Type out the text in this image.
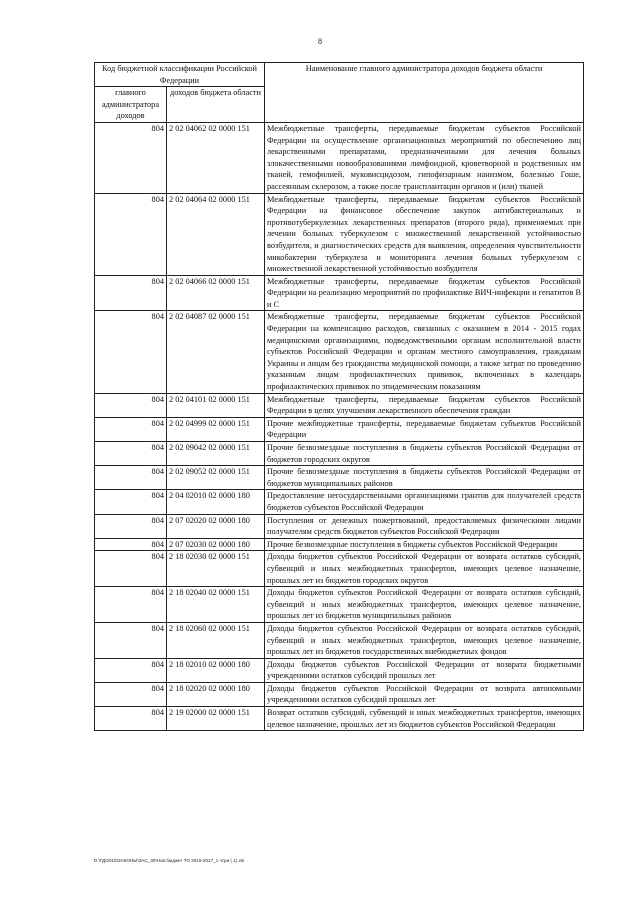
8
Код бюджетной классификации Российской Федерации		Наименование главного администратора доходов бюджета области
главного администратора доходов	доходов бюджета области	
804	2 02 04062 02 0000 151	Межбюджетные трансферты, передаваемые бюджетам субъектов Российской Федерации на осуществление организационных мероприятий по обеспечению лиц лекарственными препаратами, предназначенными для лечения больных злокачественными новообразованиями лимфоидной, кроветворной и родственных им тканей, гемофилией, муковисцидозом, гипофизарным нанизмом, болезнью Гоше, рассеянным склерозом, а также после трансплантации органов и (или) тканей
804	2 02 04064 02 0000 151	Межбюджетные трансферты, передаваемые бюджетам субъектов Российской Федерации на финансовое обеспечение закупок антибактериальных и противотуберкулезных лекарственных препаратов (второго ряда), применяемых при лечении больных туберкулезом с множественной лекарственной устойчивостью возбудителя, и диагностических средств для выявления, определения чувствительности микобактерии туберкулеза и мониторинга лечения больных туберкулезом с множественной лекарственной устойчивостью возбудителя
804	2 02 04066 02 0000 151	Межбюджетные трансферты, передаваемые бюджетам субъектов Российской Федерации на реализацию мероприятий по профилактике ВИЧ-инфекции и гепатитов В и С
804	2 02 04087 02 0000 151	Межбюджетные трансферты, передаваемые бюджетам субъектов Российской Федерации на компенсацию расходов, связанных с оказанием в 2014 - 2015 годах медицинскими организациями, подведомственными органам исполнительной власти субъектов Российской Федерации и органам местного самоуправления, гражданам Украины и лицам без гражданства медицинской помощи, а также затрат по проведению указанным лицам профилактических прививок, включенных в календарь профилактических прививок по эпидемическим показаниям
804	2 02 04101 02 0000 151	Межбюджетные трансферты, передаваемые бюджетам субъектов Российской Федерации в целях улучшения лекарственного обеспечения граждан
804	2 02 04999 02 0000 151	Прочие межбюджетные трансферты, передаваемые бюджетам субъектов Российской Федерации
804	2 02 09042 02 0000 151	Прочие безвозмездные поступления в бюджеты субъектов Российской Федерации от бюджетов городских округов
804	2 02 09052 02 0000 151	Прочие безвозмездные поступления в бюджеты субъектов Российской Федерации от бюджетов муниципальных районов
804	2 04 02010 02 0000 180	Предоставление негосударственными организациями грантов для получателей средств бюджетов субъектов Российской Федерации
804	2 07 02020 02 0000 180	Поступления от денежных пожертвований, предоставляемых физическими лицами получателям средств бюджетов субъектов Российской Федерации
804	2 07 02030 02 0000 180	Прочие безвозмездные поступления в бюджеты субъектов Российской Федерации
804	2 18 02030 02 0000 151	Доходы бюджетов субъектов Российской Федерации от возврата остатков субсидий, субвенций и иных межбюджетных трансфертов, имеющих целевое назначение, прошлых лет из бюджетов городских округов
804	2 18 02040 02 0000 151	Доходы бюджетов субъектов Российской Федерации от возврата остатков субсидий, субвенций и иных межбюджетных трансфертов, имеющих целевое назначение, прошлых лет из бюджетов муниципальных районов
804	2 18 02060 02 0000 151	Доходы бюджетов субъектов Российской Федерации от возврата остатков субсидий, субвенций и иных межбюджетных трансфертов, имеющих целевое назначение, прошлых лет из бюджетов государственных внебюджетных фондов
804	2 18 02010 02 0000 180	Доходы бюджетов субъектов Российской Федерации от возврата бюджетными учреждениями остатков субсидий прошлых лет
804	2 18 02020 02 0000 180	Доходы бюджетов субъектов Российской Федерации от возврата автономными учреждениями остатков субсидий прошлых лет
804	2 19 02000 02 0000 151	Возврат остатков субсидий, субвенций и иных межбюджетных трансфертов, имеющих целевое назначение, прошлых лет из бюджетов субъектов Российской Федерации
D:\ГД\2015\ЗАКОНЫ\ЗАС_30\Нов.бюджет ТО 2015-2017_1 чтри ( 1).xls
